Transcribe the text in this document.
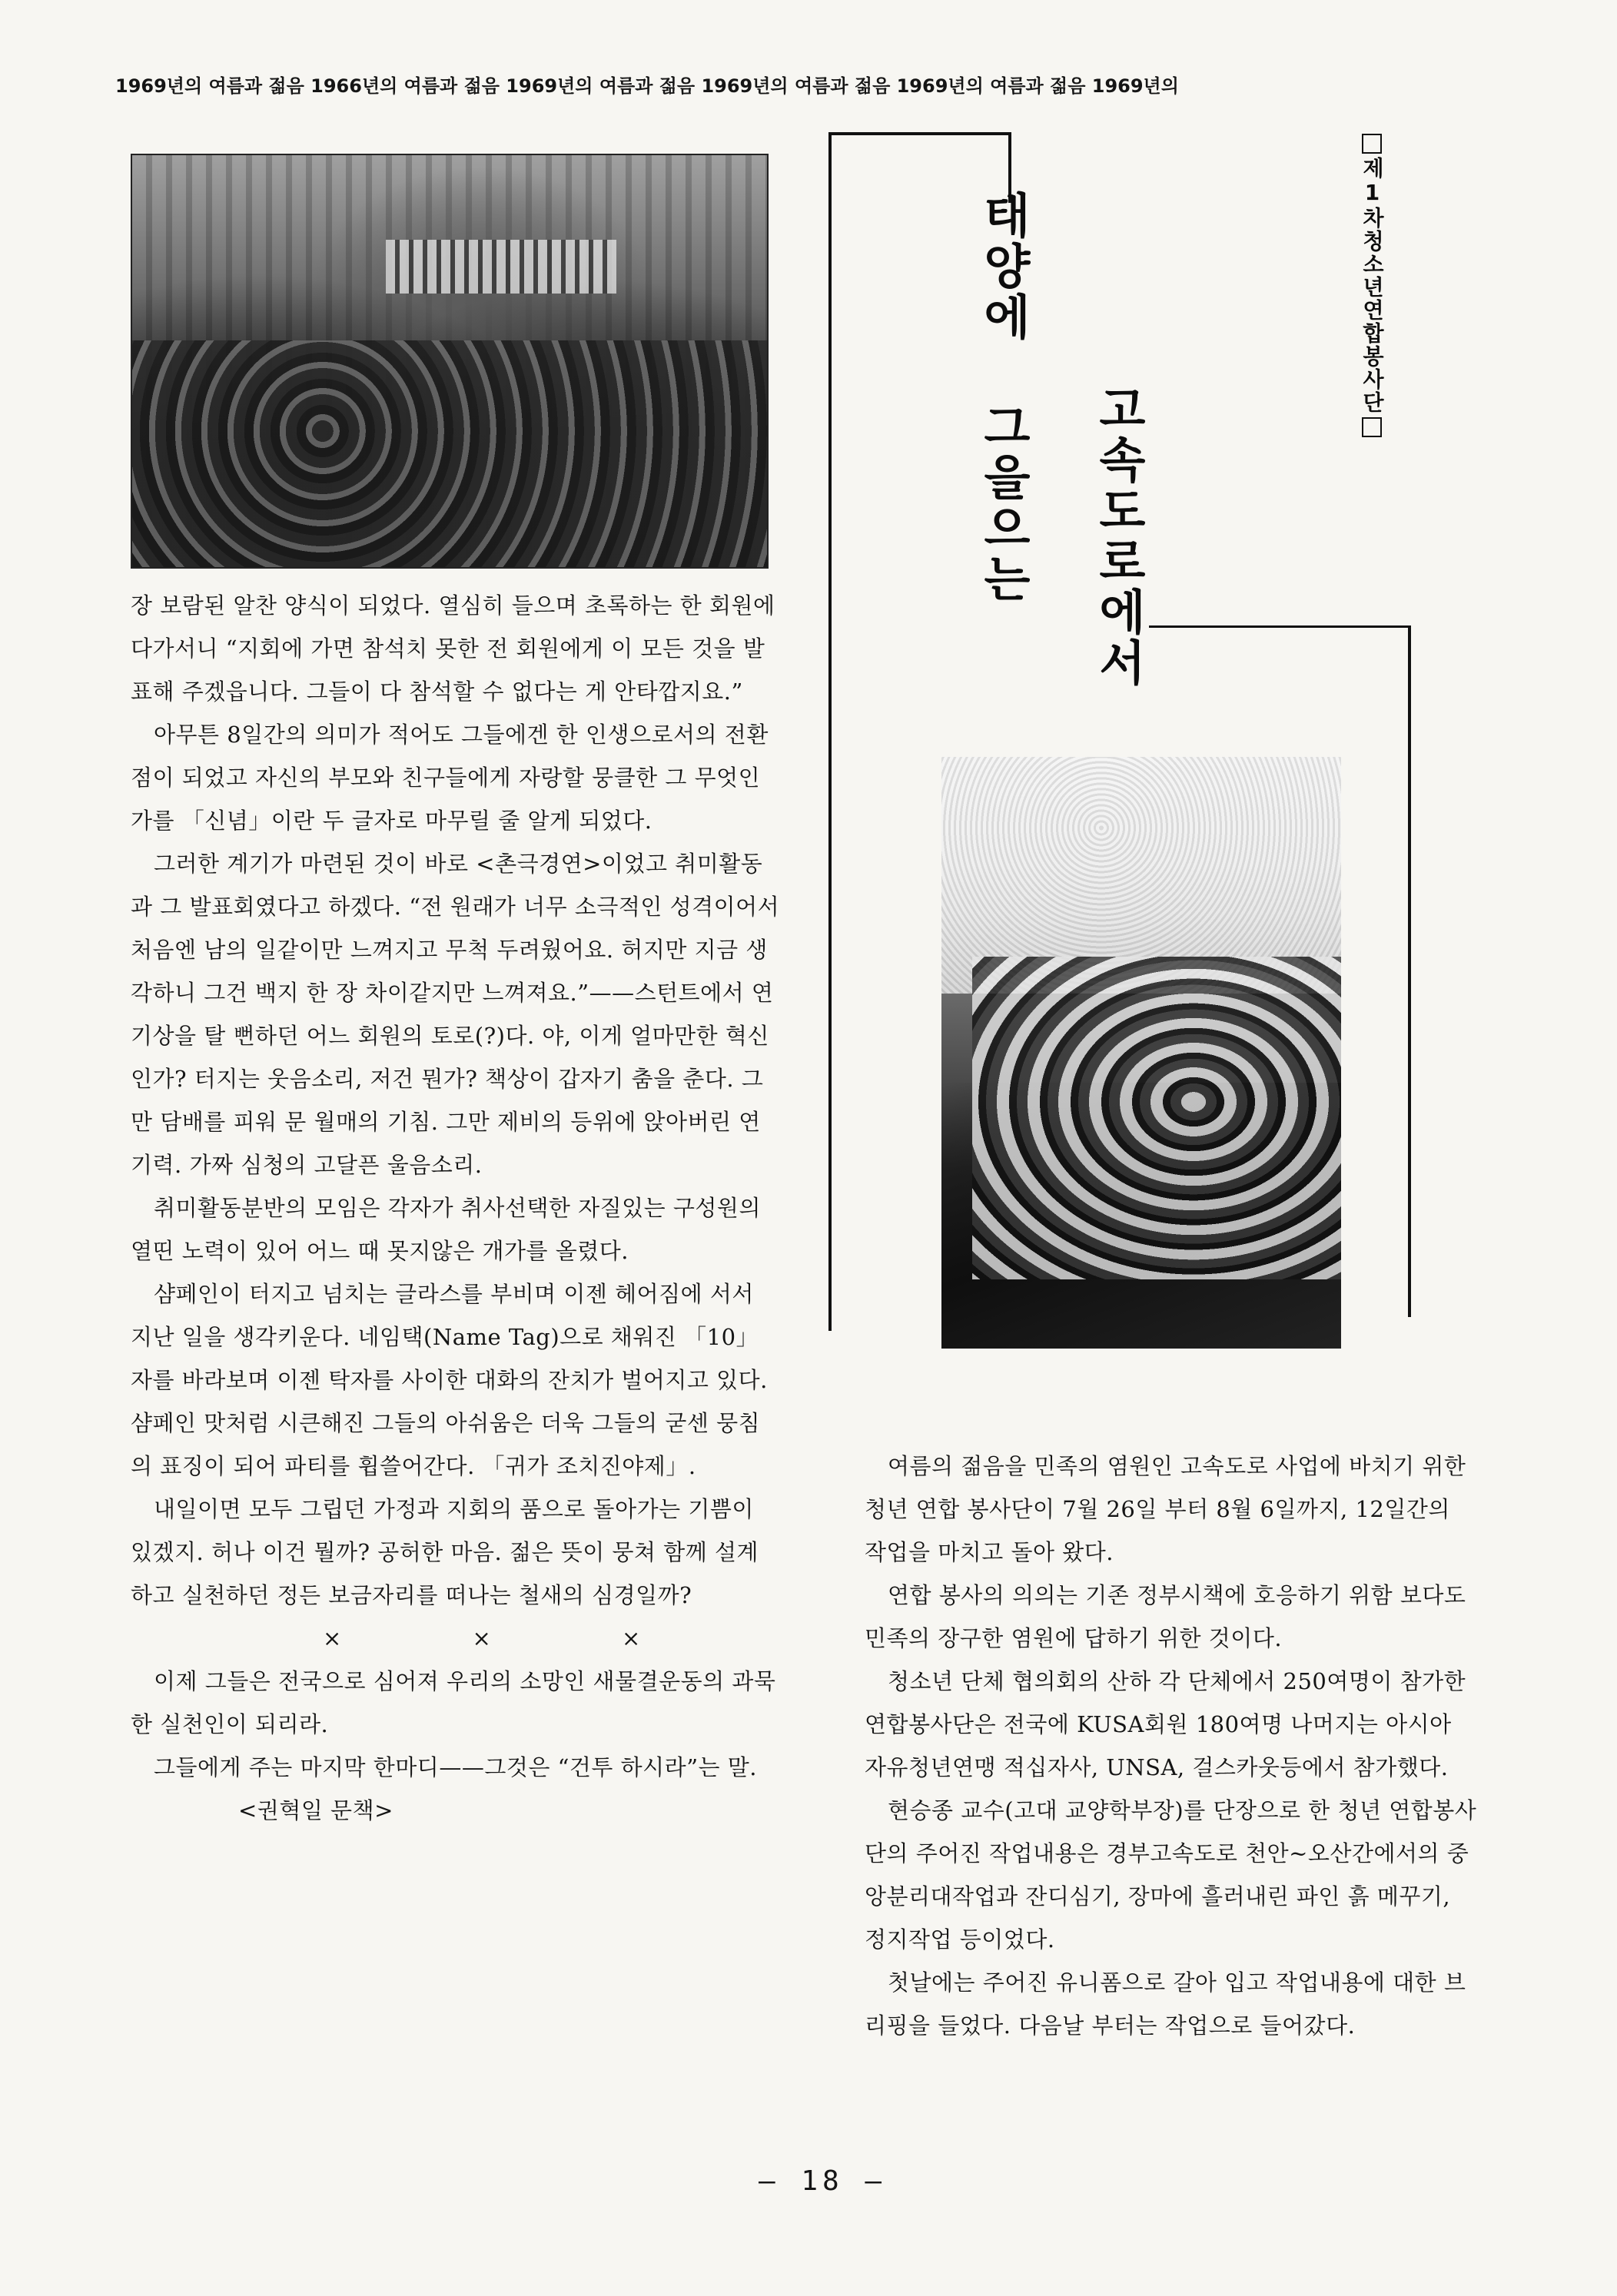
1969년의 여름과 젊음 1966년의 여름과 젊음 1969년의 여름과 젊음 1969년의 여름과 젊음 1969년의 여름과 젊음 1969년의
태양에 그을으는 고속도로에서
제1차청소년연합봉사단

장 보람된 알찬 양식이 되었다. 열심히 들으며 초록하는 한 회원에 다가서니 “지회에 가면 참석치 못한 전 회원에게 이 모든 것을 발표해 주겠읍니다. 그들이 다 참석할 수 없다는 게 안타깝지요.”

아무튼 8일간의 의미가 적어도 그들에겐 한 인생으로서의 전환점이 되었고 자신의 부모와 친구들에게 자랑할 뭉클한 그 무엇인가를 「신념」이란 두 글자로 마무릴 줄 알게 되었다.

그러한 계기가 마련된 것이 바로 <촌극경연>이었고 취미활동과 그 발표회였다고 하겠다. “전 원래가 너무 소극적인 성격이어서 처음엔 남의 일같이만 느껴지고 무척 두려웠어요. 허지만 지금 생각하니 그건 백지 한 장 차이같지만 느껴져요.”——스턴트에서 연기상을 탈 뻔하던 어느 회원의 토로(?)다. 야, 이게 얼마만한 혁신인가? 터지는 웃음소리, 저건 뭔가? 책상이 갑자기 춤을 춘다. 그만 담배를 피워 문 월매의 기침. 그만 제비의 등위에 앉아버린 연기력. 가짜 심청의 고달픈 울음소리.

취미활동분반의 모임은 각자가 취사선택한 자질있는 구성원의 열띤 노력이 있어 어느 때 못지않은 개가를 올렸다.

샴페인이 터지고 넘치는 글라스를 부비며 이젠 헤어짐에 서서 지난 일을 생각키운다. 네임택(Name Tag)으로 채워진 「10」자를 바라보며 이젠 탁자를 사이한 대화의 잔치가 벌어지고 있다. 샴페인 맛처럼 시큰해진 그들의 아쉬움은 더욱 그들의 굳센 뭉침의 표징이 되어 파티를 휩쓸어간다. 「귀가 조치진야제」.

내일이면 모두 그립던 가정과 지회의 품으로 돌아가는 기쁨이 있겠지. 허나 이건 뭘까? 공허한 마음. 젊은 뜻이 뭉쳐 함께 설계하고 실천하던 정든 보금자리를 떠나는 철새의 심경일까?

× × ×

이제 그들은 전국으로 심어져 우리의 소망인 새물결운동의 과묵한 실천인이 되리라.

그들에게 주는 마지막 한마디——그것은 “건투 하시라”는 말.<권혁일 문책>

여름의 젊음을 민족의 염원인 고속도로 사업에 바치기 위한 청년 연합 봉사단이 7월 26일 부터 8월 6일까지, 12일간의 작업을 마치고 돌아 왔다.

연합 봉사의 의의는 기존 정부시책에 호응하기 위함 보다도 민족의 장구한 염원에 답하기 위한 것이다.

청소년 단체 협의회의 산하 각 단체에서 250여명이 참가한 연합봉사단은 전국에 KUSA회원 180여명 나머지는 아시아 자유청년연맹 적십자사, UNSA, 걸스카웃등에서 참가했다.

현승종 교수(고대 교양학부장)를 단장으로 한 청년 연합봉사단의 주어진 작업내용은 경부고속도로 천안~오산간에서의 중앙분리대작업과 잔디심기, 장마에 흘러내린 파인 흙 메꾸기, 정지작업 등이었다.

첫날에는 주어진 유니폼으로 갈아 입고 작업내용에 대한 브리핑을 들었다. 다음날 부터는 작업으로 들어갔다.

— 18 —
